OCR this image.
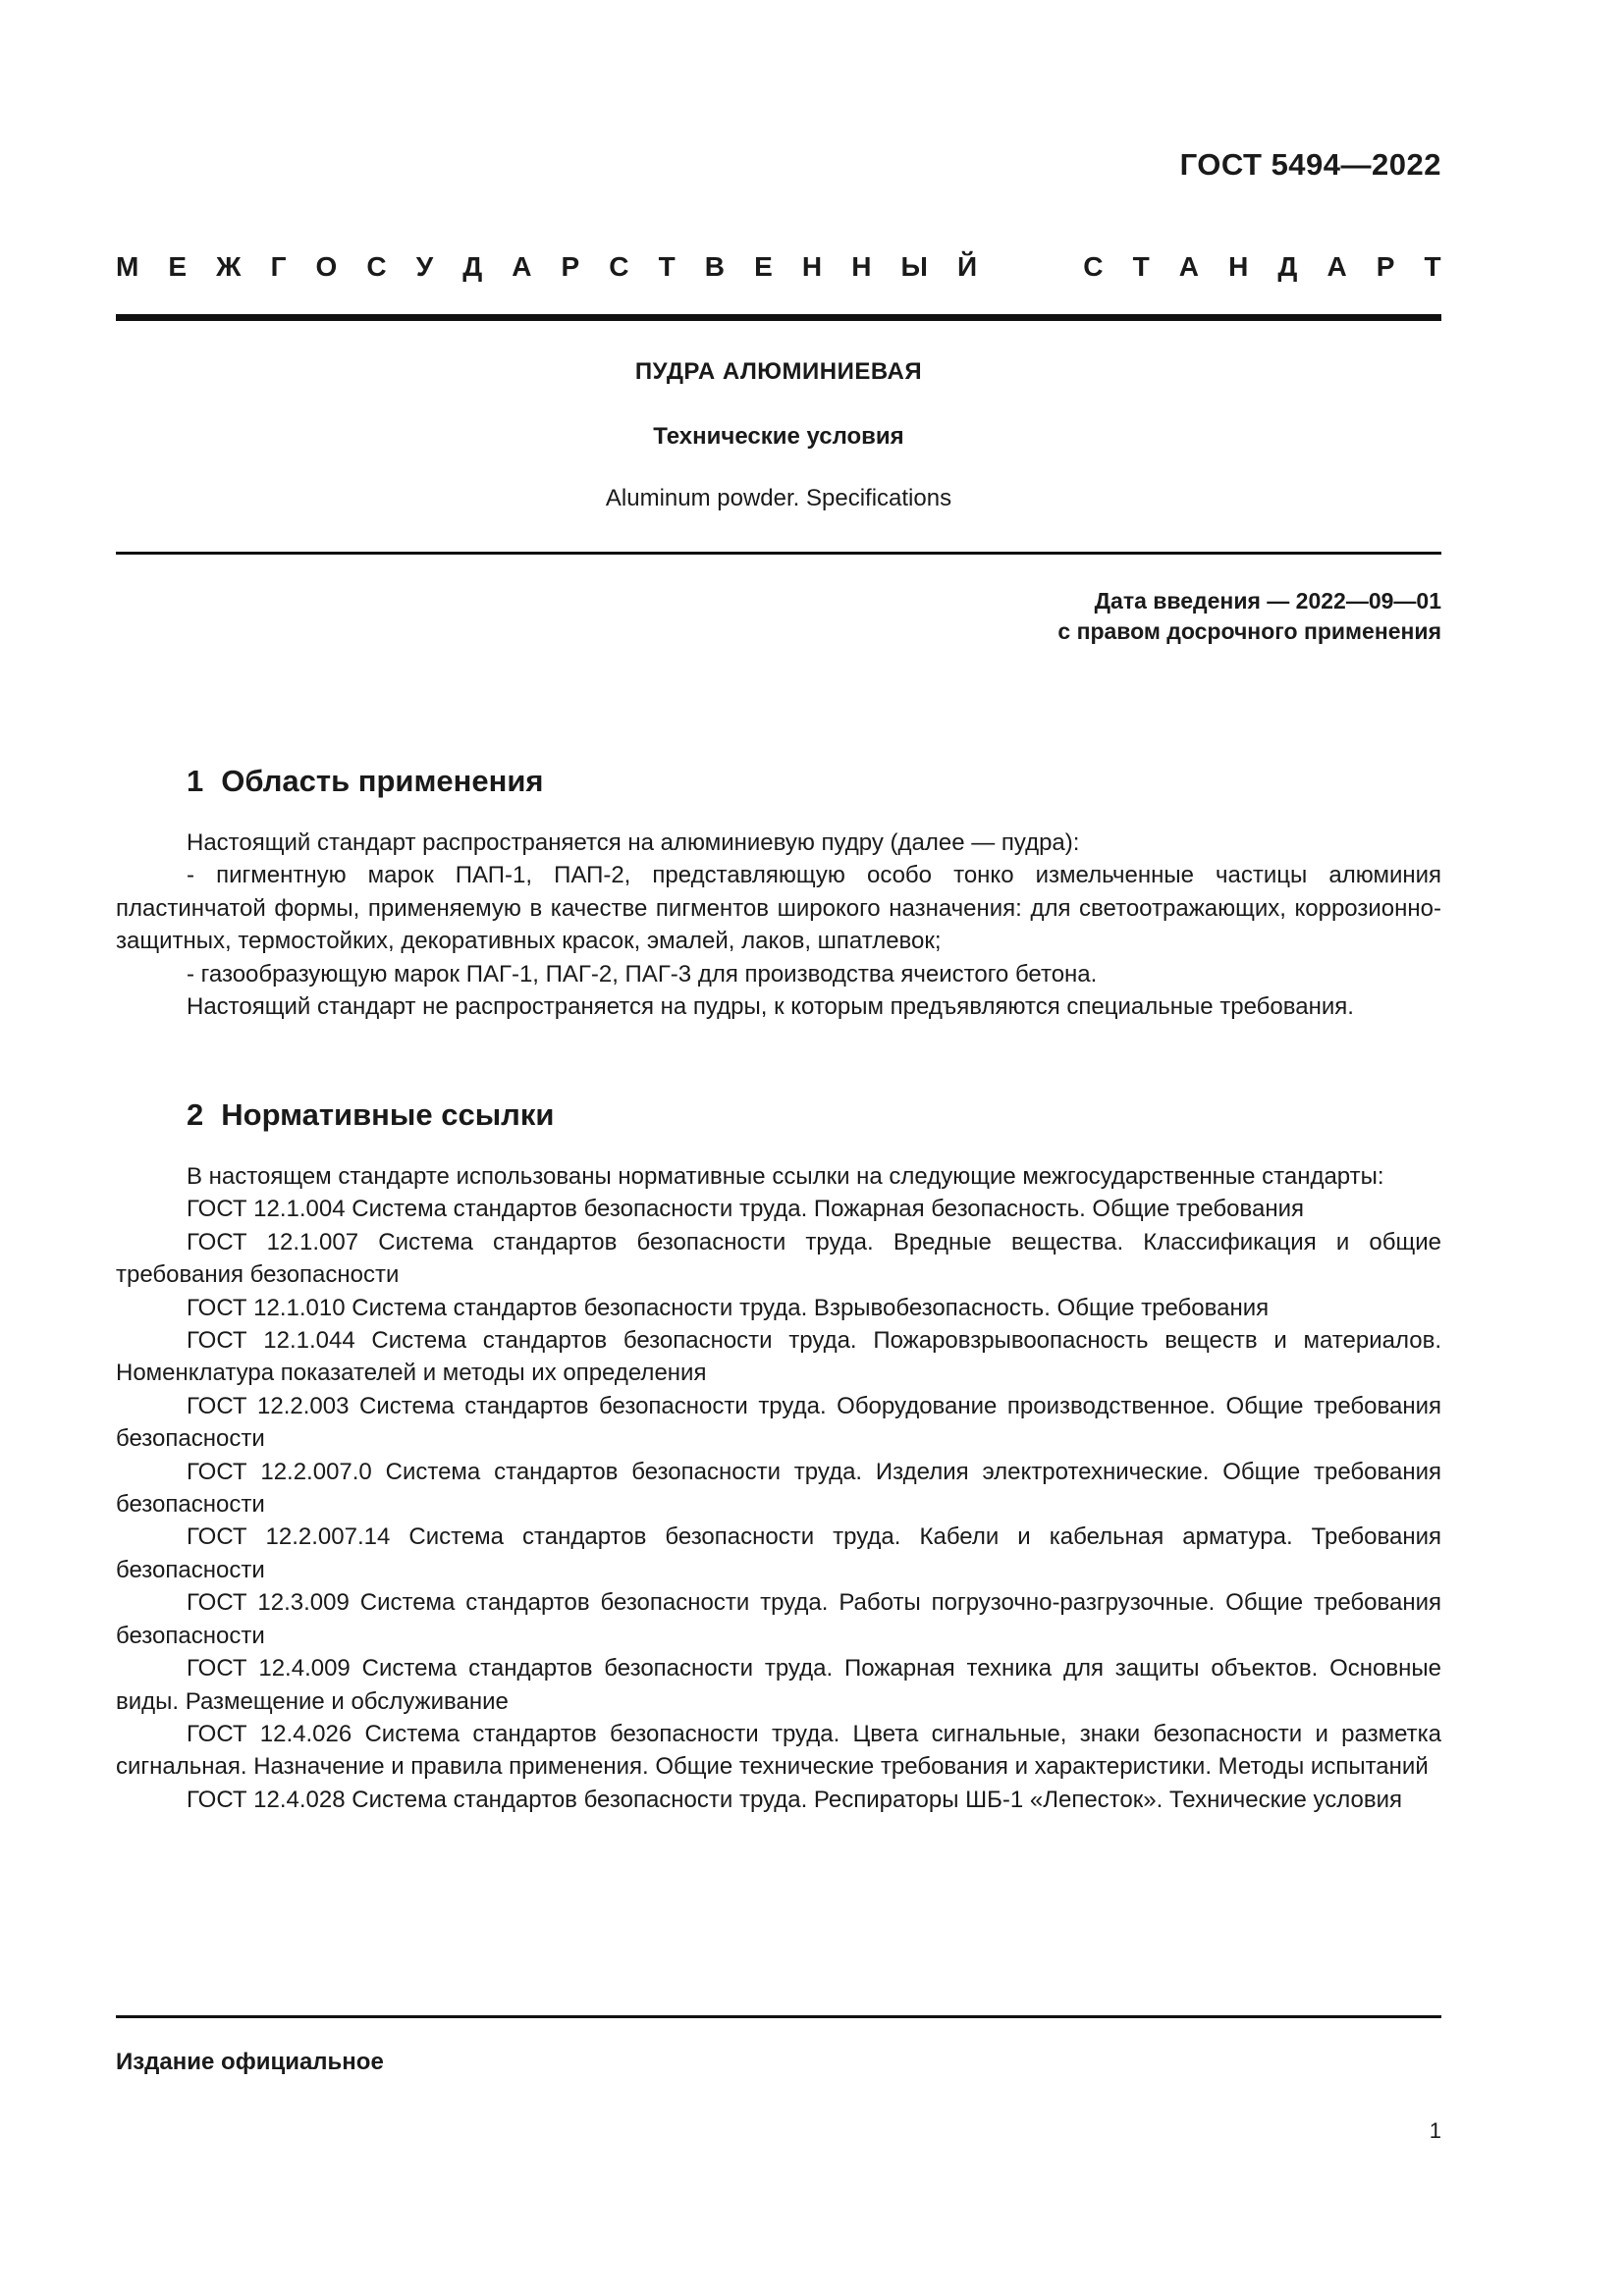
ГОСТ 5494—2022
М Е Ж Г О С У Д А Р С Т В Е Н Н Ы Й	С Т А Н Д А Р Т
ПУДРА АЛЮМИНИЕВАЯ
Технические условия
Aluminum powder. Specifications
Дата введения — 2022—09—01
с правом досрочного применения
1 Область применения

Настоящий стандарт распространяется на алюминиевую пудру (далее — пудра):

- пигментную марок ПАП-1, ПАП-2, представляющую особо тонко измельченные частицы алюминия пластинчатой формы, применяемую в качестве пигментов широкого назначения: для светоотражающих, коррозионно-защитных, термостойких, декоративных красок, эмалей, лаков, шпатлевок;

- газообразующую марок ПАГ-1, ПАГ-2, ПАГ-3 для производства ячеистого бетона.

Настоящий стандарт не распространяется на пудры, к которым предъявляются специальные требования.

2 Нормативные ссылки

В настоящем стандарте использованы нормативные ссылки на следующие межгосударственные стандарты:

ГОСТ 12.1.004 Система стандартов безопасности труда. Пожарная безопасность. Общие требования

ГОСТ 12.1.007 Система стандартов безопасности труда. Вредные вещества. Классификация и общие требования безопасности

ГОСТ 12.1.010 Система стандартов безопасности труда. Взрывобезопасность. Общие требования

ГОСТ 12.1.044 Система стандартов безопасности труда. Пожаровзрывоопасность веществ и материалов. Номенклатура показателей и методы их определения

ГОСТ 12.2.003 Система стандартов безопасности труда. Оборудование производственное. Общие требования безопасности

ГОСТ 12.2.007.0 Система стандартов безопасности труда. Изделия электротехнические. Общие требования безопасности

ГОСТ 12.2.007.14 Система стандартов безопасности труда. Кабели и кабельная арматура. Требования безопасности

ГОСТ 12.3.009 Система стандартов безопасности труда. Работы погрузочно-разгрузочные. Общие требования безопасности

ГОСТ 12.4.009 Система стандартов безопасности труда. Пожарная техника для защиты объектов. Основные виды. Размещение и обслуживание

ГОСТ 12.4.026 Система стандартов безопасности труда. Цвета сигнальные, знаки безопасности и разметка сигнальная. Назначение и правила применения. Общие технические требования и характеристики. Методы испытаний

ГОСТ 12.4.028 Система стандартов безопасности труда. Респираторы ШБ-1 «Лепесток». Технические условия

Издание официальное
1
